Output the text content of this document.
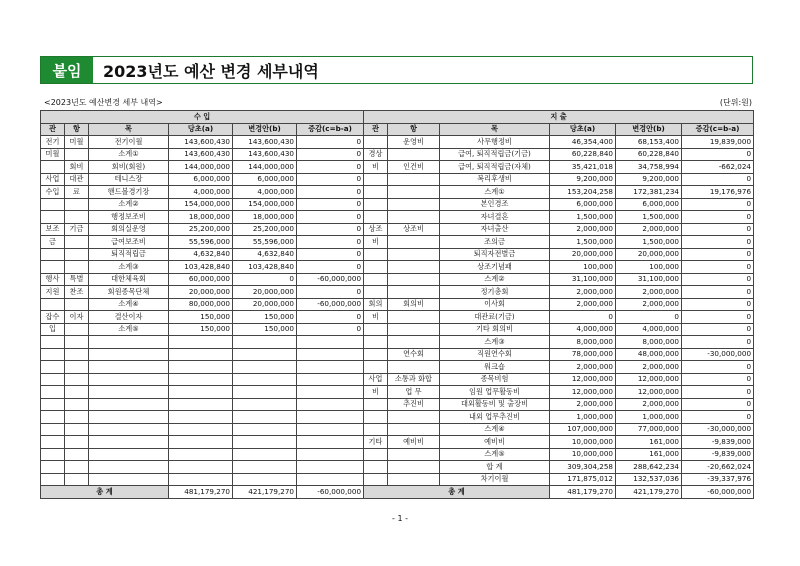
붙임	2023년도 예산 변경 세부내역
<2023년도 예산변경 세부 내역>	(단위:원)
수 입					
관	항	목	당초(a)	변경안(b)	증감(c=b-a)
전기	미월	전기이월	143,600,430	143,600,430	0
미월		소계①	143,600,430	143,600,430	0
	회비	회비(회원)	144,000,000	144,000,000	0
사업	대관	테니스장	6,000,000	6,000,000	0
수입	료	핸드볼경기장	4,000,000	4,000,000	0
		소계②	154,000,000	154,000,000	0
		행정보조비	18,000,000	18,000,000	0
보조	기금	회의실운영	25,200,000	25,200,000	0
금		급여보조비	55,596,000	55,596,000	0
		퇴직적립금	4,632,840	4,632,840	0
		소계③	103,428,840	103,428,840	0
행사	특별	대한체육회	60,000,000	0	-60,000,000
지원	찬조	회원종목단체	20,000,000	20,000,000	0
		소계④	80,000,000	20,000,000	-60,000,000
잡수	이자	결산이자	150,000	150,000	0
입		소계⑤	150,000	150,000	0

총 계			481,179,270	421,179,270	-60,000,000
지 출					
관	항	목	당초(a)	변경안(b)	증감(c=b-a)
	운영비	사무행정비	46,354,400	68,153,400	19,839,000
경상		급여, 퇴직적립금(기금)	60,228,840	60,228,840	0
비	인건비	급여, 퇴직적립금(자체)	35,421,018	34,758,994	-662,024
		복리후생비	9,200,000	9,200,000	0
		스계①	153,204,258	172,381,234	19,176,976
		본인경조	6,000,000	6,000,000	0
		자녀결혼	1,500,000	1,500,000	0
상조	상조비	자녀출산	2,000,000	2,000,000	0
비		조의금	1,500,000	1,500,000	0
		퇴직자전별금	20,000,000	20,000,000	0
		상조기념패	100,000	100,000	0
		스계②	31,100,000	31,100,000	0
		정기총회	2,000,000	2,000,000	0
회의	회의비	이사회	2,000,000	2,000,000	0
비		대관료(기금)	0	0	0
		기타 회의비	4,000,000	4,000,000	0
		스계③	8,000,000	8,000,000	0
	연수회	직원연수회	78,000,000	48,000,000	-30,000,000
		워크숍	2,000,000	2,000,000	0
사업	소통과 화합	종목비험	12,000,000	12,000,000	0
비	업 무	임원 업무활동비	12,000,000	12,000,000	0
	추진비	대외활동비 및 출장비	2,000,000	2,000,000	0
		내외 업무추진비	1,000,000	1,000,000	0
		스계④	107,000,000	77,000,000	-30,000,000
기타	예비비	예비비	10,000,000	161,000	-9,839,000
		스계⑤	10,000,000	161,000	-9,839,000
		합 계	309,304,258	288,642,234	-20,662,024
		차기이월	171,875,012	132,537,036	-39,337,976
총 계			481,179,270	421,179,270	-60,000,000
- 1 -
